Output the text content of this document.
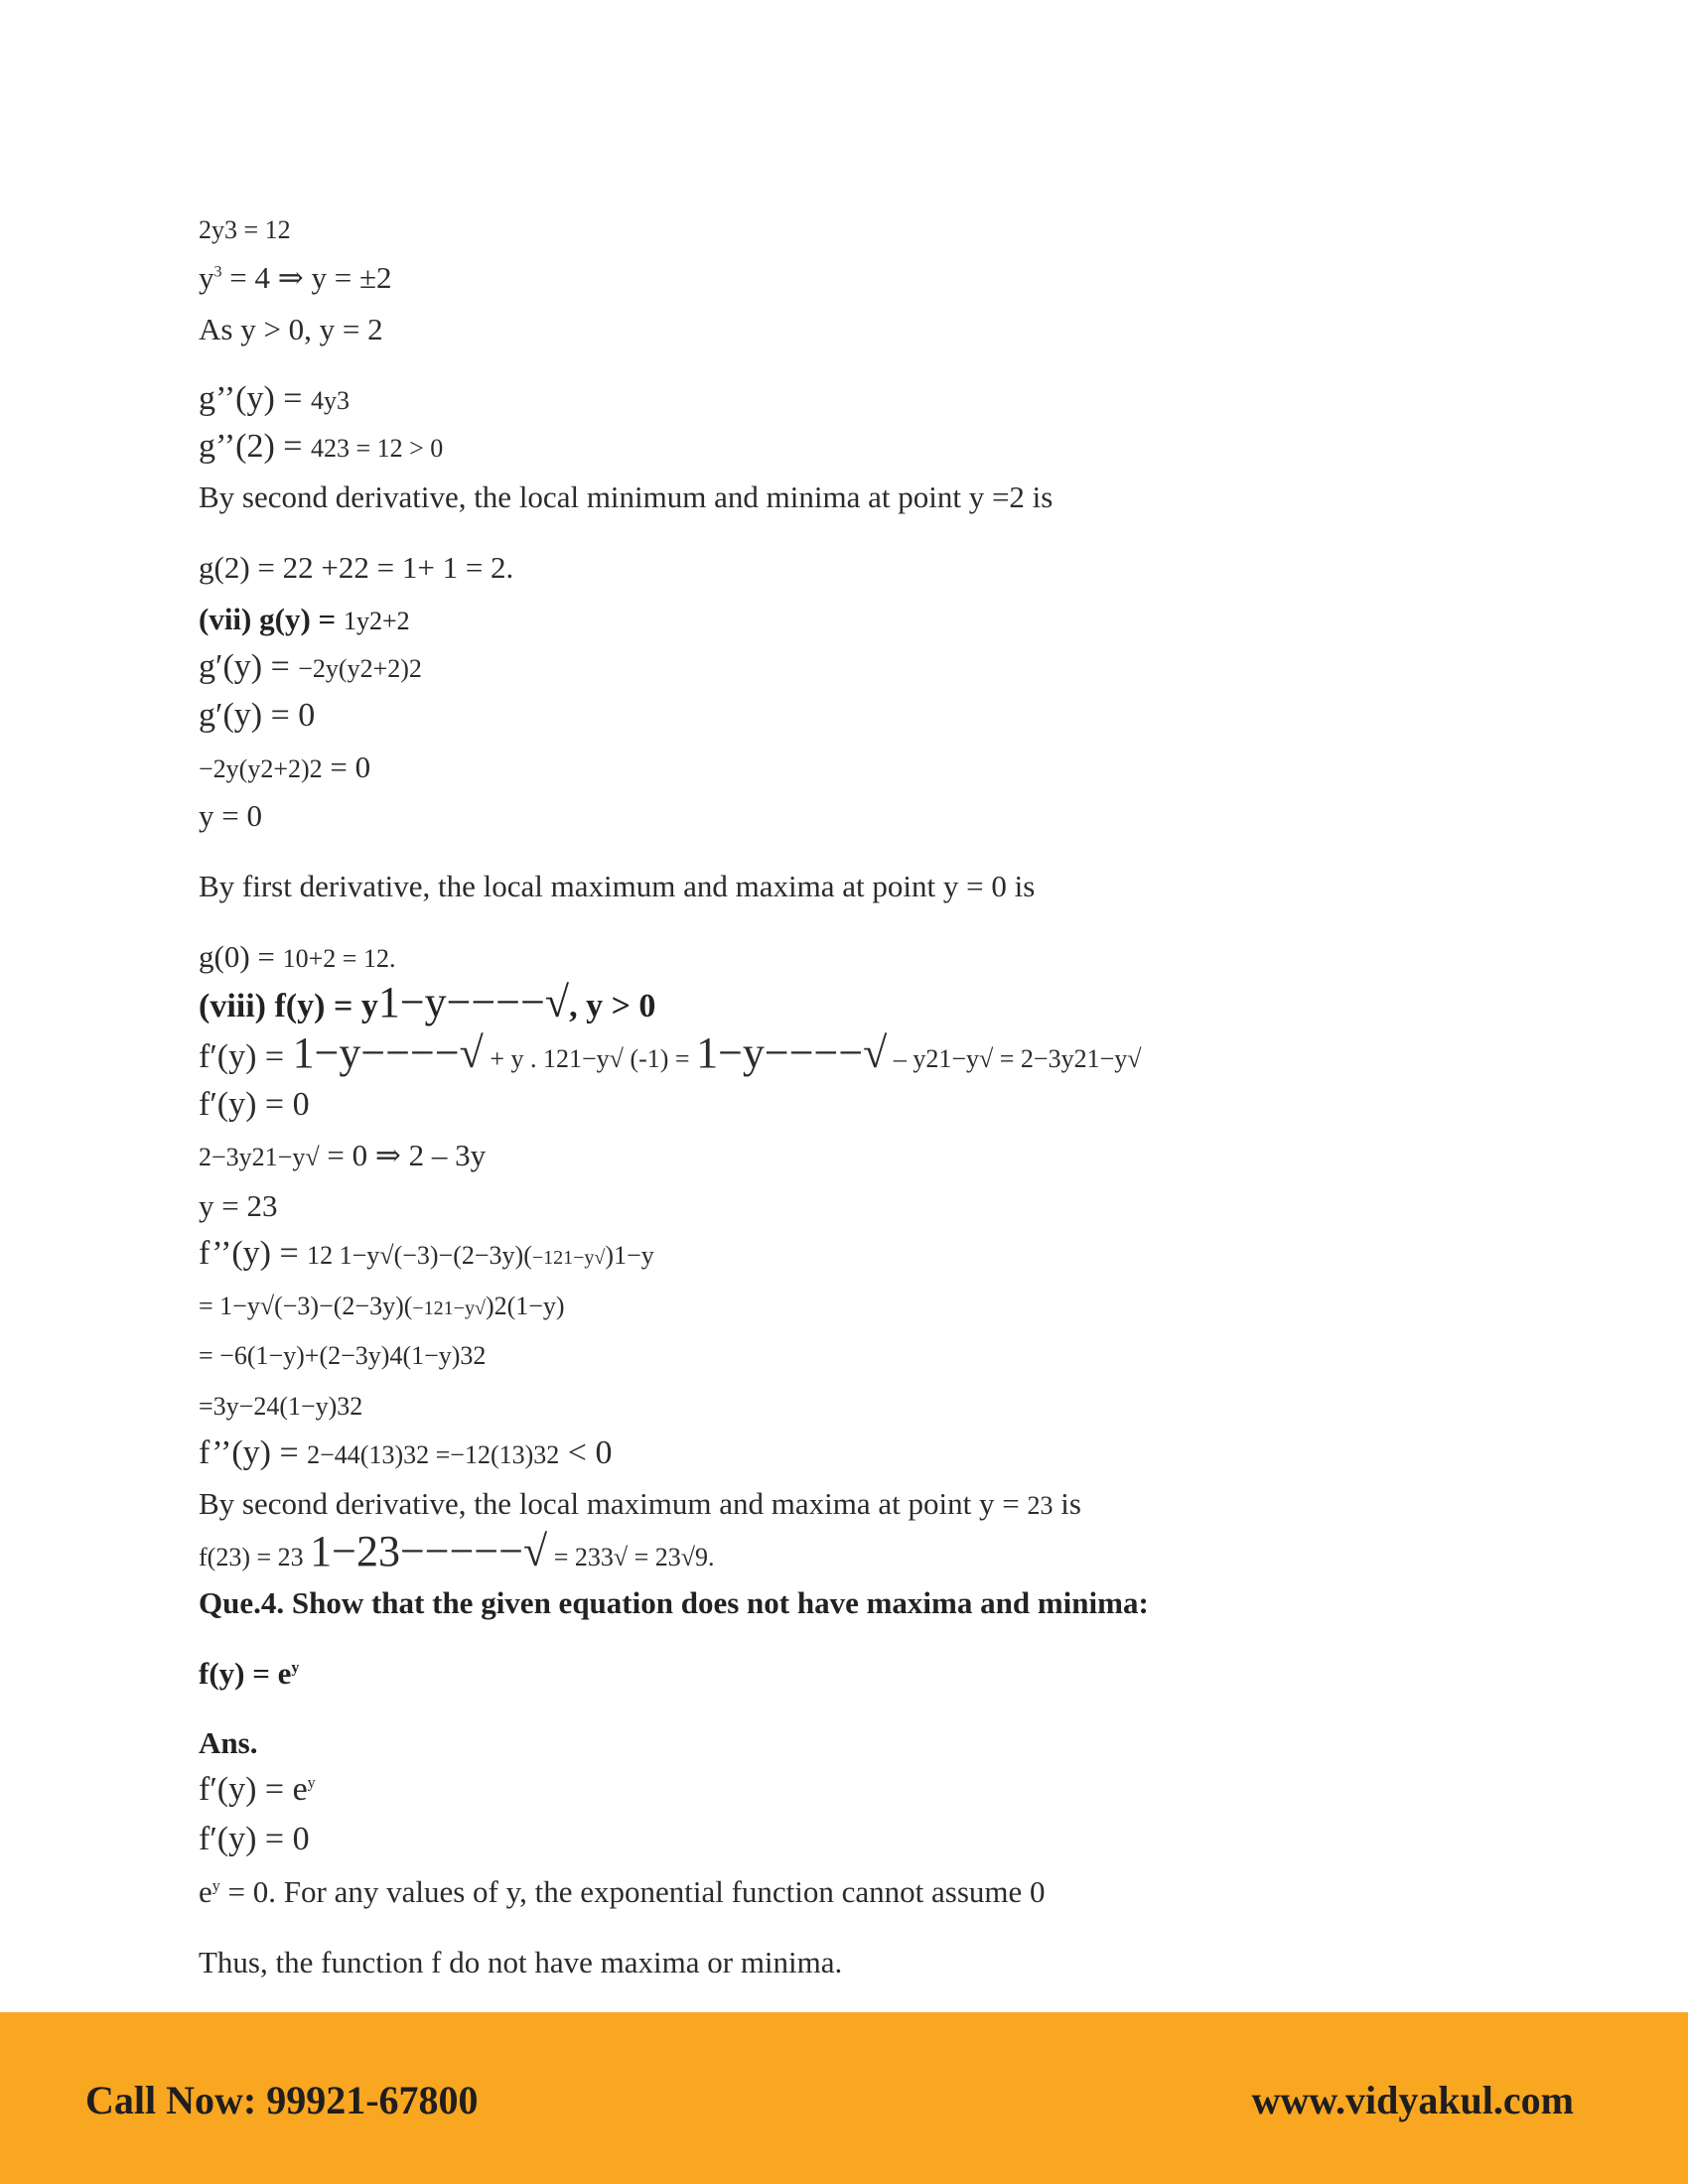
2y3 = 12
$y^3 = 4$ ⇒ y = ±2
As y > 0, y = 2
g’’(y) = 4y3
g’’(2) = 423 = 12 > 0
By second derivative, the local minimum and minima at point y =2 is
g(2) = 22 +22 = 1+ 1 = 2.
(vii) g(y) = 1y2+2
g′(y) = −2y(y2+2)2
g′(y) = 0
−2y(y2+2)2 = 0
y = 0
By first derivative, the local maximum and maxima at point y = 0 is
g(0) = 10+2 = 12.
(viii) f(y) = y1−y−−−−√, y > 0
f′(y) = 1−y−−−−√ + y . 121−y√ (-1) = 1−y−−−−√ – y21−y√ = 2−3y21−y√
f′(y) = 0
2−3y21−y√ = 0 ⇒ 2 – 3y
y = 23
f’’(y) = 12 1−y√(−3)−(2−3y)(−121−y√)1−y
= 1−y√(−3)−(2−3y)(−121−y√)2(1−y)
= −6(1−y)+(2−3y)4(1−y)32
=3y−24(1−y)32
f’’(y) = 2−44(13)32 =−12(13)32 < 0
By second derivative, the local maximum and maxima at point y = 23 is
f(23) = 23 1−23−−−−−√ = 233√ = 23√9.
Que.4. Show that the given equation does not have maxima and minima:
$f(y) = e^y$
Ans.
$f'(y) = e^y$
f′(y) = 0
$e^y = 0$. For any values of y, the exponential function cannot assume 0
Thus, the function f do not have maxima or minima.
Call Now: 99921-67800	www.vidyakul.com
